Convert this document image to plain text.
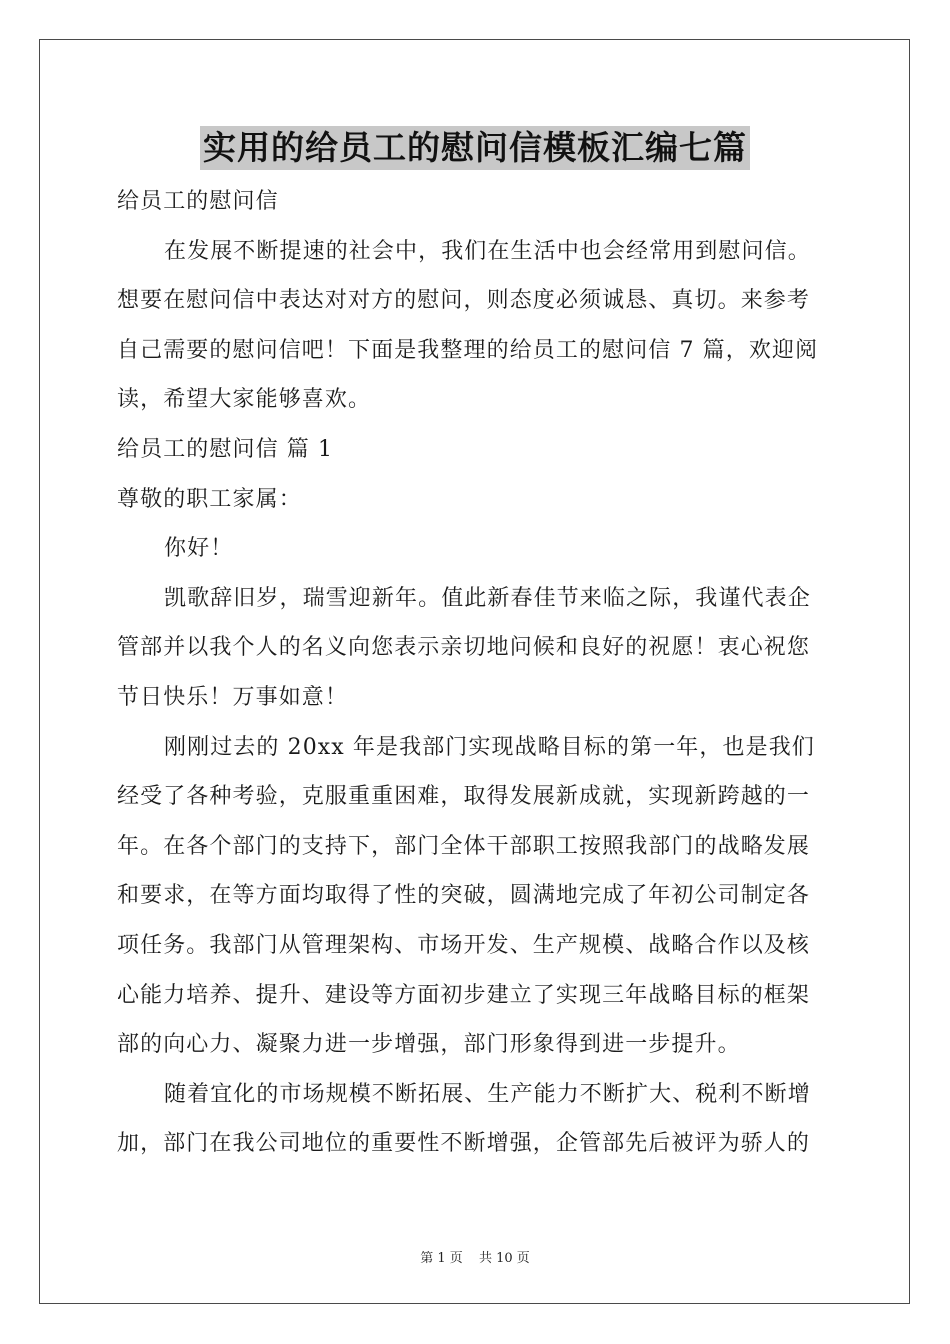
实用的给员工的慰问信模板汇编七篇
给员工的慰问信
在发展不断提速的社会中，我们在生活中也会经常用到慰问信。
想要在慰问信中表达对对方的慰问，则态度必须诚恳、真切。来参考
自己需要的慰问信吧！下面是我整理的给员工的慰问信 7 篇，欢迎阅
读，希望大家能够喜欢。
给员工的慰问信 篇 1
尊敬的职工家属：
你好！
凯歌辞旧岁，瑞雪迎新年。值此新春佳节来临之际，我谨代表企
管部并以我个人的名义向您表示亲切地问候和良好的祝愿！衷心祝您
节日快乐！万事如意！
刚刚过去的 20xx 年是我部门实现战略目标的第一年，也是我们
经受了各种考验，克服重重困难，取得发展新成就，实现新跨越的一
年。在各个部门的支持下，部门全体干部职工按照我部门的战略发展
和要求，在等方面均取得了性的突破，圆满地完成了年初公司制定各
项任务。我部门从管理架构、市场开发、生产规模、战略合作以及核
心能力培养、提升、建设等方面初步建立了实现三年战略目标的框架
部的向心力、凝聚力进一步增强，部门形象得到进一步提升。
随着宜化的市场规模不断拓展、生产能力不断扩大、税利不断增
加，部门在我公司地位的重要性不断增强，企管部先后被评为骄人的
第 1 页 共 10 页
